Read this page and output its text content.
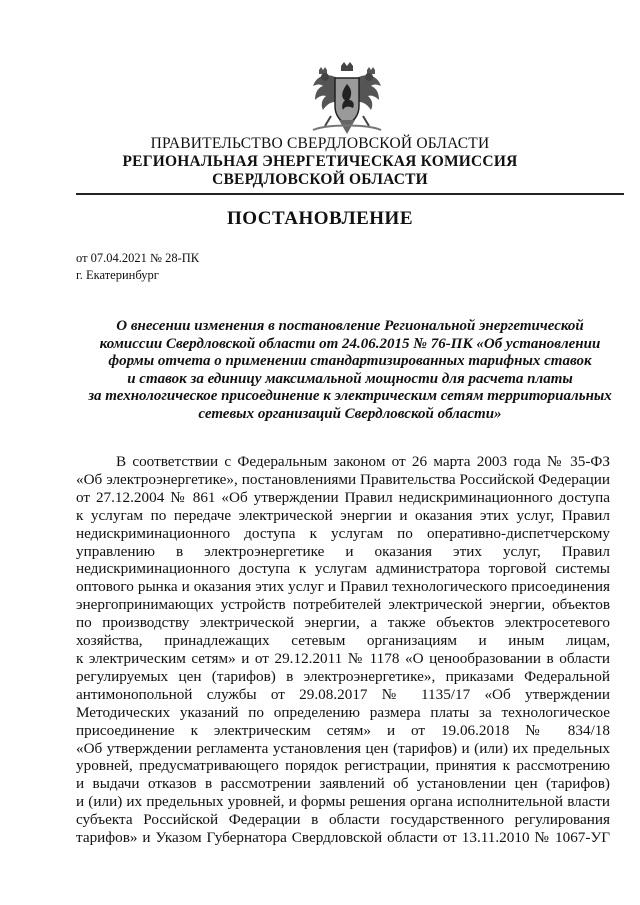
ПРАВИТЕЛЬСТВО СВЕРДЛОВСКОЙ ОБЛАСТИ
РЕГИОНАЛЬНАЯ ЭНЕРГЕТИЧЕСКАЯ КОМИССИЯ
СВЕРДЛОВСКОЙ ОБЛАСТИ
ПОСТАНОВЛЕНИЕ
от 07.04.2021 № 28-ПК
г. Екатеринбург
О внесении изменения в постановление Региональной энергетической
комиссии Свердловской области от 24.06.2015 № 76-ПК «Об установлении
формы отчета о применении стандартизированных тарифных ставок
и ставок за единицу максимальной мощности для расчета платы
за технологическое присоединение к электрическим сетям территориальных
сетевых организаций Свердловской области»
В соответствии с Федеральным законом от 26 марта 2003 года № 35-ФЗ
«Об электроэнергетике», постановлениями Правительства Российской Федерации
от 27.12.2004 № 861 «Об утверждении Правил недискриминационного доступа
к услугам по передаче электрической энергии и оказания этих услуг, Правил
недискриминационного доступа к услугам по оперативно-диспетчерскому
управлению в электроэнергетике и оказания этих услуг, Правил
недискриминационного доступа к услугам администратора торговой системы
оптового рынка и оказания этих услуг и Правил технологического присоединения
энергопринимающих устройств потребителей электрической энергии, объектов
по производству электрической энергии, а также объектов электросетевого
хозяйства, принадлежащих сетевым организациям и иным лицам,
к электрическим сетям» и от 29.12.2011 № 1178 «О ценообразовании в области
регулируемых цен (тарифов) в электроэнергетике», приказами Федеральной
антимонопольной службы от 29.08.2017 № 1135/17 «Об утверждении
Методических указаний по определению размера платы за технологическое
присоединение к электрическим сетям» и от 19.06.2018 № 834/18
«Об утверждении регламента установления цен (тарифов) и (или) их предельных
уровней, предусматривающего порядок регистрации, принятия к рассмотрению
и выдачи отказов в рассмотрении заявлений об установлении цен (тарифов)
и (или) их предельных уровней, и формы решения органа исполнительной власти
субъекта Российской Федерации в области государственного регулирования
тарифов» и Указом Губернатора Свердловской области от 13.11.2010 № 1067-УГ
